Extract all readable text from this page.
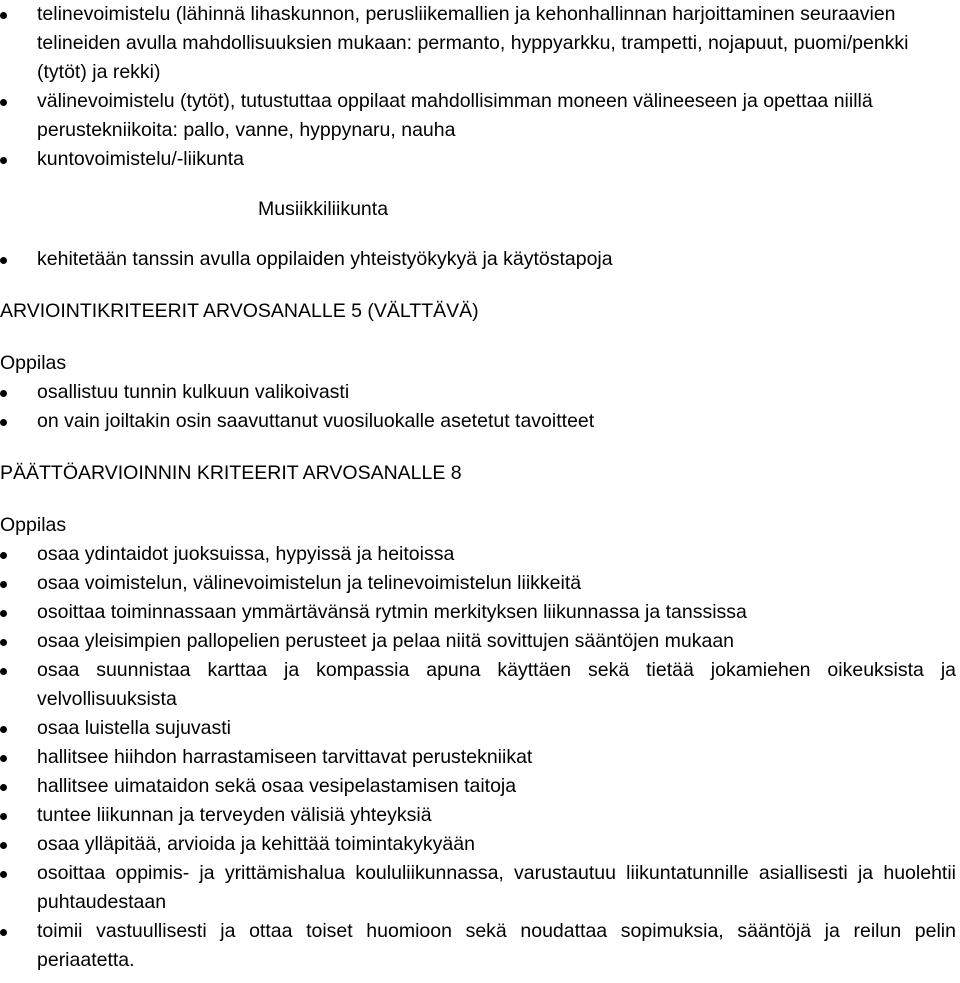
telinevoimistelu (lähinnä lihaskunnon, perusliikemallien ja kehonhallinnan harjoittaminen seuraavien telineiden avulla mahdollisuuksien mukaan: permanto, hyppyarkku, trampetti, nojapuut, puomi/penkki (tytöt) ja rekki)
välinevoimistelu (tytöt), tutustuttaa oppilaat mahdollisimman moneen välineeseen ja opettaa niillä perustekniikoita: pallo, vanne, hyppynaru, nauha
kuntovoimistelu/-liikunta

Musiikkiliikunta

kehitetään tanssin avulla oppilaiden yhteistyökykyä ja käytöstapoja

ARVIOINTIKRITEERIT ARVOSANALLE 5 (VÄLTTÄVÄ)

Oppilas

osallistuu tunnin kulkuun valikoivasti
on vain joiltakin osin saavuttanut vuosiluokalle asetetut tavoitteet

PÄÄTTÖARVIOINNIN KRITEERIT ARVOSANALLE 8

Oppilas

osaa ydintaidot juoksuissa, hypyissä ja heitoissa
osaa voimistelun, välinevoimistelun ja telinevoimistelun liikkeitä
osoittaa toiminnassaan ymmärtävänsä rytmin merkityksen liikunnassa ja tanssissa
osaa yleisimpien pallopelien perusteet ja pelaa niitä sovittujen sääntöjen mukaan
osaa suunnistaa karttaa ja kompassia apuna käyttäen sekä tietää jokamiehen oikeuksista ja velvollisuuksista
osaa luistella sujuvasti
hallitsee hiihdon harrastamiseen tarvittavat perustekniikat
hallitsee uimataidon sekä osaa vesipelastamisen taitoja
tuntee liikunnan ja terveyden välisiä yhteyksiä
osaa ylläpitää, arvioida ja kehittää toimintakykyään
osoittaa oppimis- ja yrittämishalua koululiikunnassa, varustautuu liikuntatunnille asiallisesti ja huolehtii puhtaudestaan
toimii vastuullisesti ja ottaa toiset huomioon sekä noudattaa sopimuksia, sääntöjä ja reilun pelin periaatetta.
